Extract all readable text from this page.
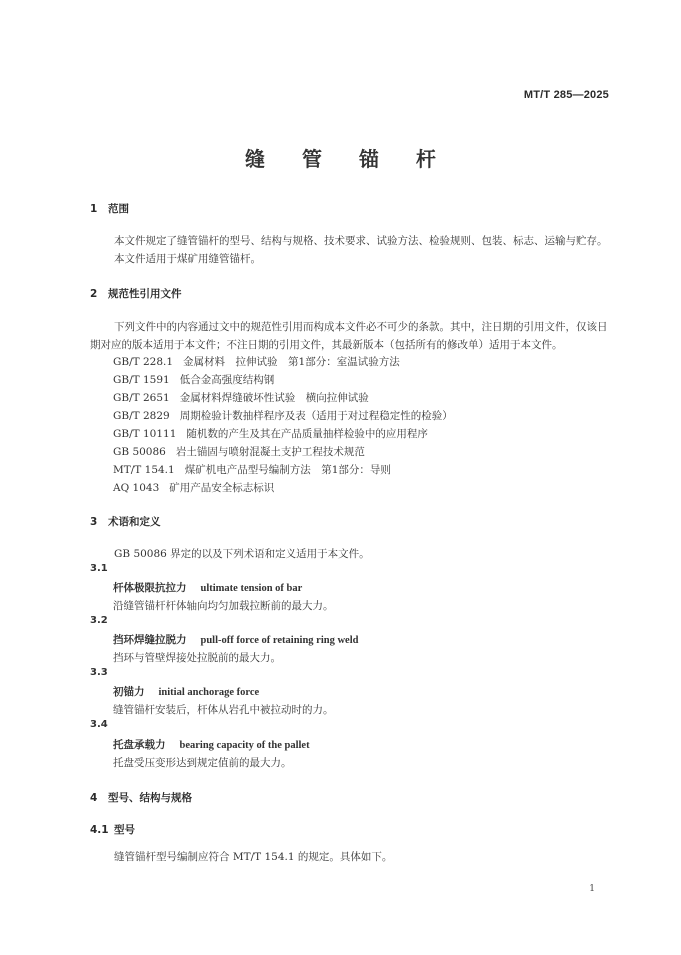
MT/T 285—2025
缝 管 锚 杆
1 范围
本文件规定了缝管锚杆的型号、结构与规格、技术要求、试验方法、检验规则、包装、标志、运输与贮存。
本文件适用于煤矿用缝管锚杆。
2 规范性引用文件
下列文件中的内容通过文中的规范性引用而构成本文件必不可少的条款。其中，注日期的引用文件，仅该日期对应的版本适用于本文件；不注日期的引用文件，其最新版本（包括所有的修改单）适用于本文件。
GB/T 228.1 金属材料　拉伸试验　第1部分：室温试验方法
GB/T 1591 低合金高强度结构钢
GB/T 2651 金属材料焊缝破坏性试验　横向拉伸试验
GB/T 2829 周期检验计数抽样程序及表（适用于对过程稳定性的检验）
GB/T 10111 随机数的产生及其在产品质量抽样检验中的应用程序
GB 50086 岩土锚固与喷射混凝土支护工程技术规范
MT/T 154.1 煤矿机电产品型号编制方法　第1部分：导则
AQ 1043 矿用产品安全标志标识
3 术语和定义
GB 50086 界定的以及下列术语和定义适用于本文件。
3.1
杆体极限抗拉力 ultimate tension of bar
沿缝管锚杆杆体轴向均匀加载拉断前的最大力。
3.2
挡环焊缝拉脱力 pull-off force of retaining ring weld
挡环与管壁焊接处拉脱前的最大力。
3.3
初锚力 initial anchorage force
缝管锚杆安装后，杆体从岩孔中被拉动时的力。
3.4
托盘承载力 bearing capacity of the pallet
托盘受压变形达到规定值前的最大力。
4 型号、结构与规格
4.1 型号
缝管锚杆型号编制应符合 MT/T 154.1 的规定。具体如下。
1
